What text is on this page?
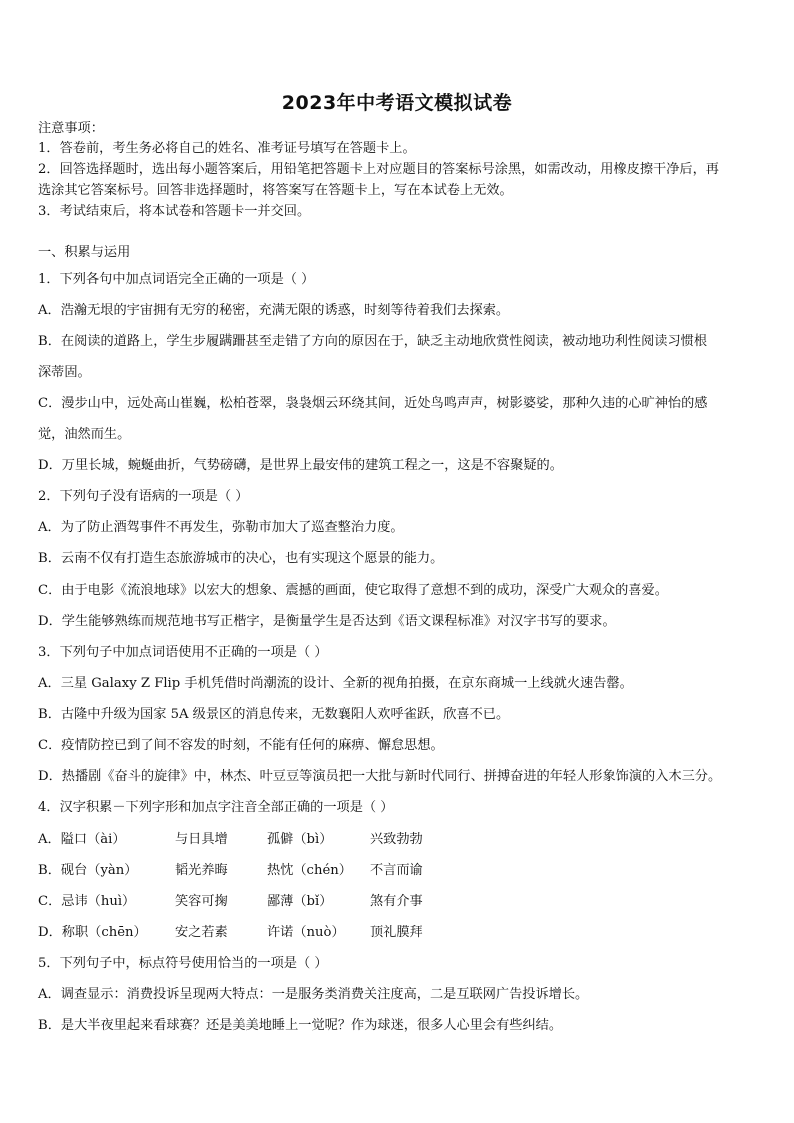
2023年中考语文模拟试卷
注意事项：
1．答卷前，考生务必将自己的姓名、准考证号填写在答题卡上。
2．回答选择题时，选出每小题答案后，用铅笔把答题卡上对应题目的答案标号涂黑，如需改动，用橡皮擦干净后，再
选涂其它答案标号。回答非选择题时，将答案写在答题卡上，写在本试卷上无效。
3．考试结束后，将本试卷和答题卡一并交回。
一、积累与运用
1．下列各句中加点词语完全正确的一项是（ ）
A．浩瀚无垠的宇宙拥有无穷的秘密，充满无限的诱惑，时刻等待着我们去探索。
B．在阅读的道路上，学生步履蹒跚甚至走错了方向的原因在于，缺乏主动地欣赏性阅读，被动地功利性阅读习惯根
深蒂固。
C．漫步山中，远处高山崔巍，松柏苍翠，袅袅烟云环绕其间，近处鸟鸣声声，树影婆娑，那种久违的心旷神怡的感
觉，油然而生。
D．万里长城，蜿蜒曲折，气势磅礴，是世界上最安伟的建筑工程之一，这是不容聚疑的。
2．下列句子没有语病的一项是（ ）
A．为了防止酒驾事件不再发生，弥勒市加大了巡查整治力度。
B．云南不仅有打造生态旅游城市的决心，也有实现这个愿景的能力。
C．由于电影《流浪地球》以宏大的想象、震撼的画面，使它取得了意想不到的成功，深受广大观众的喜爱。
D．学生能够熟练而规范地书写正楷字，是衡量学生是否达到《语文课程标准》对汉字书写的要求。
3．下列句子中加点词语使用不正确的一项是（ ）
A．三星 Galaxy Z Flip 手机凭借时尚潮流的设计、全新的视角拍摄，在京东商城一上线就火速告罄。
B．古隆中升级为国家 5A 级景区的消息传来，无数襄阳人欢呼雀跃，欣喜不已。
C．疫情防控已到了间不容发的时刻，不能有任何的麻痹、懈怠思想。
D．热播剧《奋斗的旋律》中，林杰、叶豆豆等演员把一大批与新时代同行、拼搏奋进的年轻人形象饰演的入木三分。
4．汉字积累－下列字形和加点字注音全部正确的一项是（ ）
A．隘口（ài）	与日具增	孤僻（bì）	兴致勃勃
B．砚台（yàn）	韬光养晦	热忱（chén） 不言而谕
C．忌讳（huì）	笑容可掬	鄙薄（bǐ）	煞有介事
D．称职（chēn） 安之若素	许诺（nuò） 顶礼膜拜
5．下列句子中，标点符号使用恰当的一项是（ ）
A．调查显示：消费投诉呈现两大特点：一是服务类消费关注度高，二是互联网广告投诉增长。
B．是大半夜里起来看球赛？还是美美地睡上一觉呢？作为球迷，很多人心里会有些纠结。
